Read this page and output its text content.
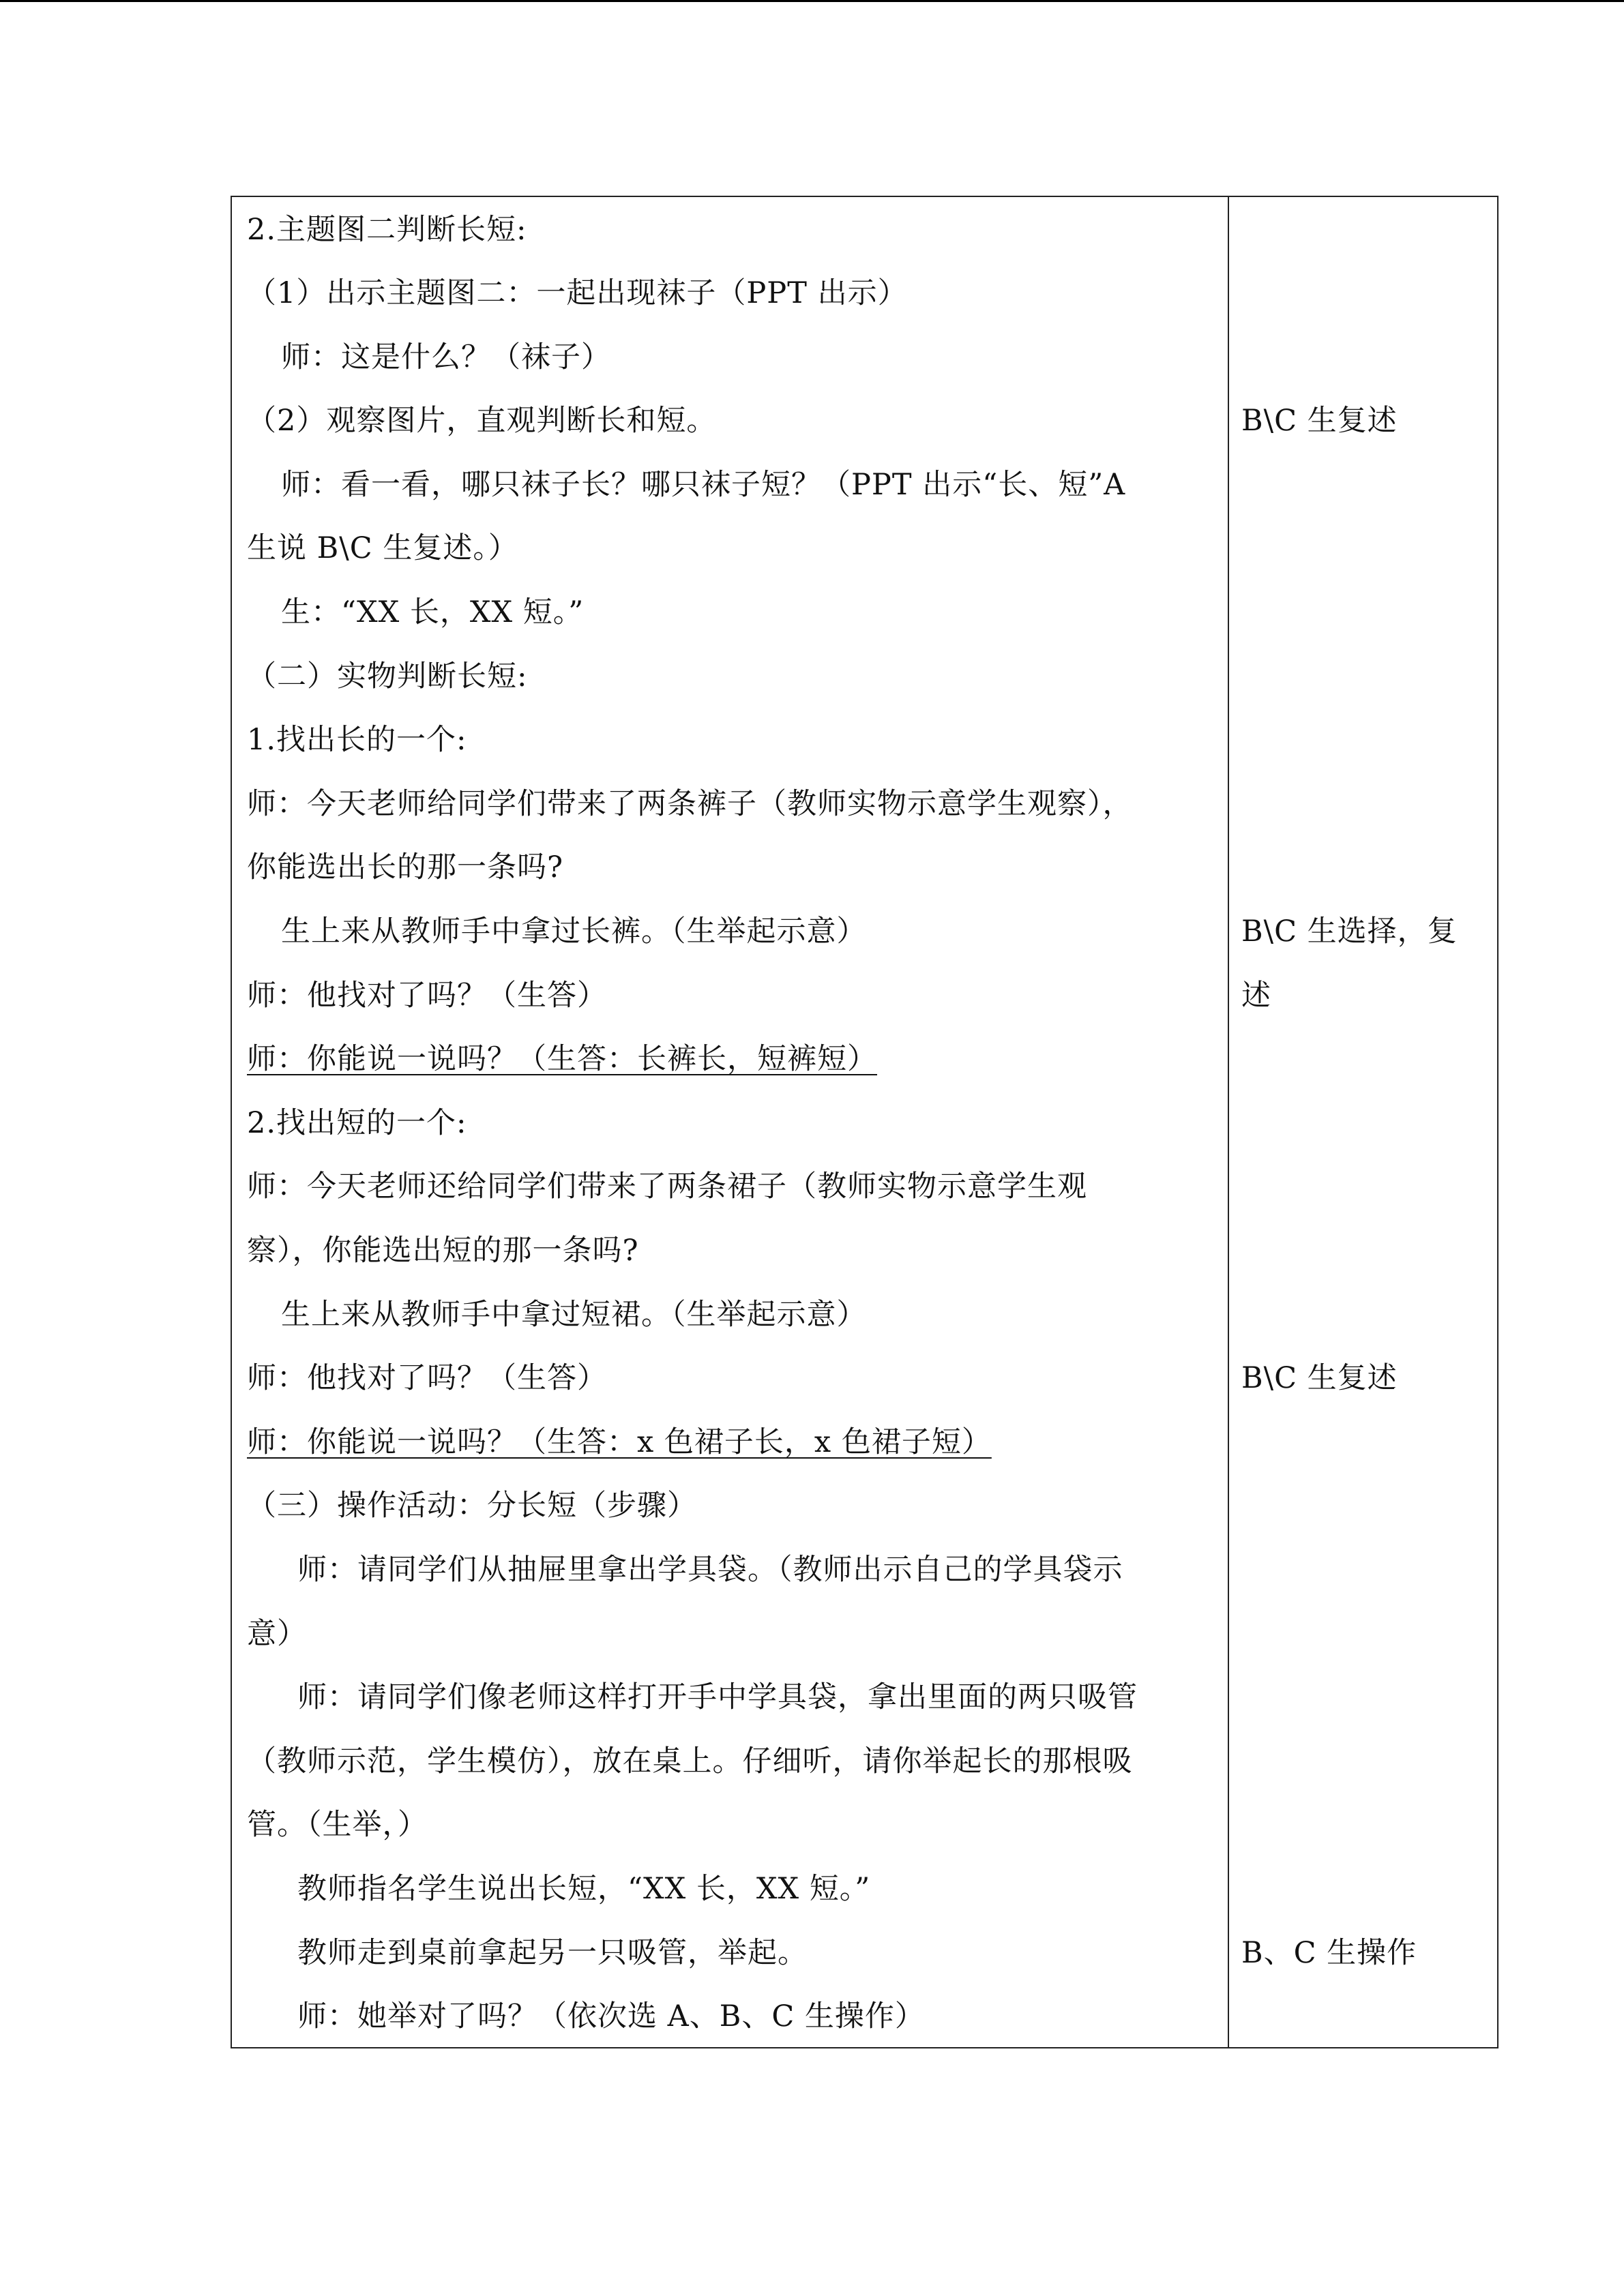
2.主题图二判断长短:
（1）出示主题图二：一起出现袜子（PPT 出示）
师：这是什么？（袜子）
（2）观察图片，直观判断长和短。
师：看一看，哪只袜子长？哪只袜子短？（PPT 出示“长、短”A
生说 B\C 生复述。）
生：“XX 长，XX 短。”
（二）实物判断长短:
1.找出长的一个:
师：今天老师给同学们带来了两条裤子（教师实物示意学生观察），
你能选出长的那一条吗?
生上来从教师手中拿过长裤。（生举起示意）
师：他找对了吗？（生答）
师：你能说一说吗？（生答：长裤长，短裤短）
2.找出短的一个:
师：今天老师还给同学们带来了两条裙子（教师实物示意学生观
察），你能选出短的那一条吗?
生上来从教师手中拿过短裙。（生举起示意）
师：他找对了吗？（生答）
师：你能说一说吗？（生答：x 色裙子长，x 色裙子短）
（三）操作活动：分长短（步骤）
师：请同学们从抽屉里拿出学具袋。（教师出示自己的学具袋示
意）
师：请同学们像老师这样打开手中学具袋，拿出里面的两只吸管
（教师示范，学生模仿），放在桌上。仔细听，请你举起长的那根吸
管。（生举，）
教师指名学生说出长短，“XX 长，XX 短。”
教师走到桌前拿起另一只吸管，举起。
师：她举对了吗？（依次选 A、B、C 生操作）
B\C 生复述
B\C 生选择，复
述
B\C 生复述
B、C 生操作
